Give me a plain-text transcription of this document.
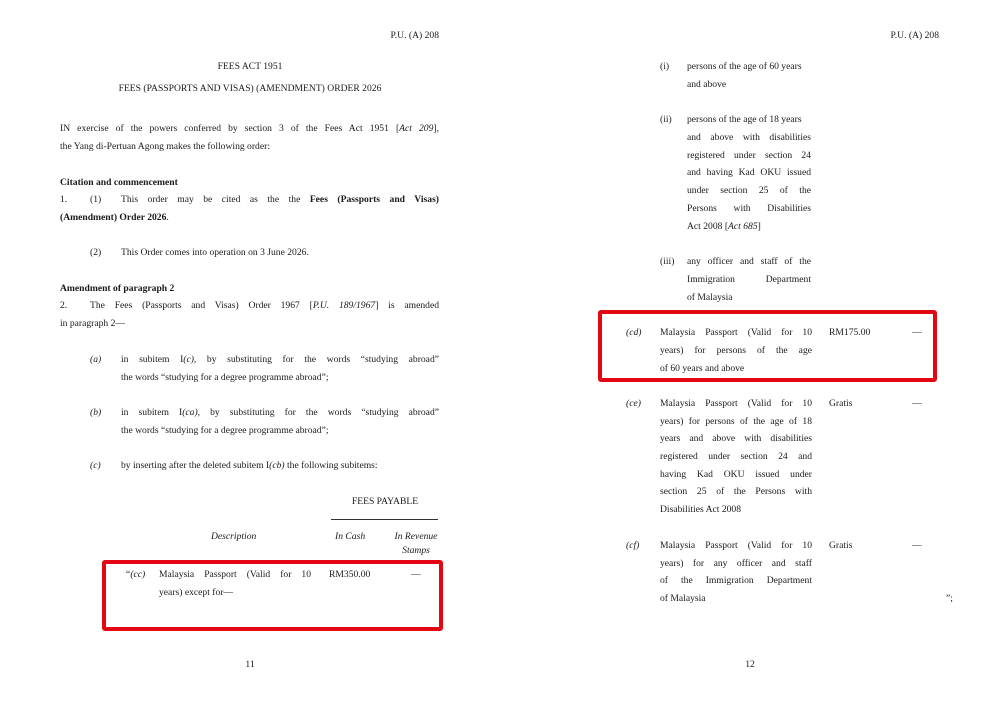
P.U. (A) 208
FEES ACT 1951
FEES (PASSPORTS AND VISAS) (AMENDMENT) ORDER 2026
IN exercise of the powers conferred by section 3 of the Fees Act 1951 [Act 209],
the Yang di-Pertuan Agong makes the following order:
Citation and commencement
1. (1) This order may be cited as the the Fees (Passports and Visas)
(Amendment) Order 2026.
(2) This Order comes into operation on 3 June 2026.
Amendment of paragraph 2
2. The Fees (Passports and Visas) Order 1967 [P.U. 189/1967] is amended
in paragraph 2—
(a) in subitem I(c), by substituting for the words “studying abroad”
the words “studying for a degree programme abroad”;
(b) in subitem I(ca), by substituting for the words “studying abroad”
the words “studying for a degree programme abroad”;
(c) by inserting after the deleted subitem I(cb) the following subitems:
FEES PAYABLE
Description	In Cash	In Revenue
Stamps
“(cc) Malaysia Passport (Valid for 10
years) except for—
RM350.00	—
11
P.U. (A) 208
(i) persons of the age of 60 years
and above
(ii) persons of the age of 18 years
and above with disabilities
registered under section 24
and having Kad OKU issued
under section 25 of the
Persons with Disabilities
Act 2008 [Act 685]
(iii) any officer and staff of the
Immigration Department
of Malaysia
(cd) Malaysia Passport (Valid for 10
years) for persons of the age
of 60 years and above
RM175.00	—
(ce) Malaysia Passport (Valid for 10
years) for persons of the age of 18
years and above with disabilities
registered under section 24 and
having Kad OKU issued under
section 25 of the Persons with
Disabilities Act 2008
Gratis	—
(cf) Malaysia Passport (Valid for 10
years) for any officer and staff
of the Immigration Department
of Malaysia
Gratis	—
”;
12
